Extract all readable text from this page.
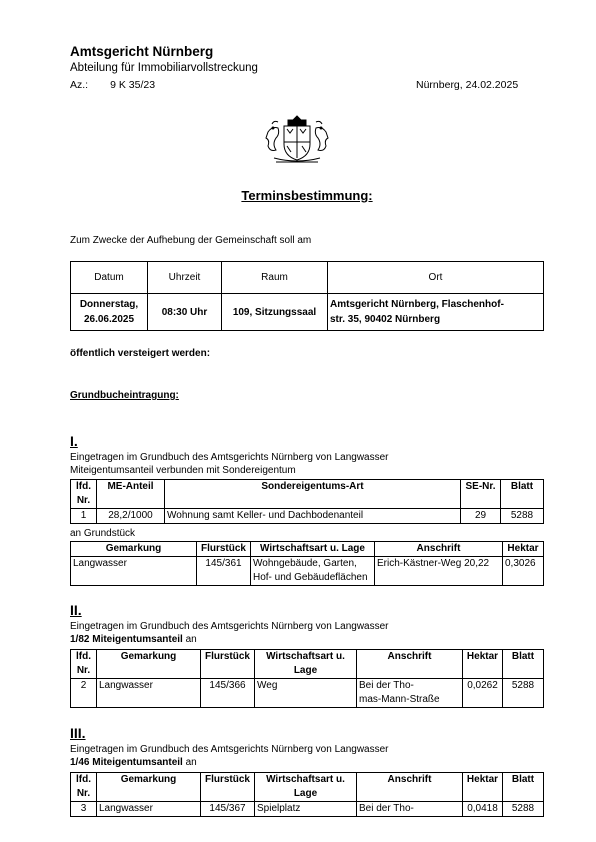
Amtsgericht Nürnberg
Abteilung für Immobiliarvollstreckung
Az.: 9 K 35/23	Nürnberg, 24.02.2025
Terminsbestimmung:
Zum Zwecke der Aufhebung der Gemeinschaft soll am
Datum	Uhrzeit	Raum	Ort
Donnerstag,
26.06.2025	08:30 Uhr	109, Sitzungssaal	Amtsgericht Nürnberg, Flaschenhof-
str. 35, 90402 Nürnberg
öffentlich versteigert werden:
Grundbucheintragung:
I.
Eingetragen im Grundbuch des Amtsgerichts Nürnberg von Langwasser
Miteigentumsanteil verbunden mit Sondereigentum
lfd.
Nr.	ME-Anteil	Sondereigentums-Art	SE-Nr.	Blatt
1	28,2/1000	Wohnung samt Keller- und Dachbodenanteil	29	5288
an Grundstück
Gemarkung	Flurstück	Wirtschaftsart u. Lage	Anschrift	Hektar
Langwasser	145/361	Wohngebäude, Garten,
Hof- und Gebäudeflächen	Erich-Kästner-Weg 20,22	0,3026
II.
Eingetragen im Grundbuch des Amtsgerichts Nürnberg von Langwasser
1/82 Miteigentumsanteil an
lfd.
Nr.	Gemarkung	Flurstück	Wirtschaftsart u.
Lage	Anschrift	Hektar	Blatt
2	Langwasser	145/366	Weg	Bei der Tho-
mas-Mann-Straße	0,0262	5288
III.
Eingetragen im Grundbuch des Amtsgerichts Nürnberg von Langwasser
1/46 Miteigentumsanteil an
lfd.
Nr.	Gemarkung	Flurstück	Wirtschaftsart u.
Lage	Anschrift	Hektar	Blatt
3	Langwasser	145/367	Spielplatz	Bei der Tho-	0,0418	5288
